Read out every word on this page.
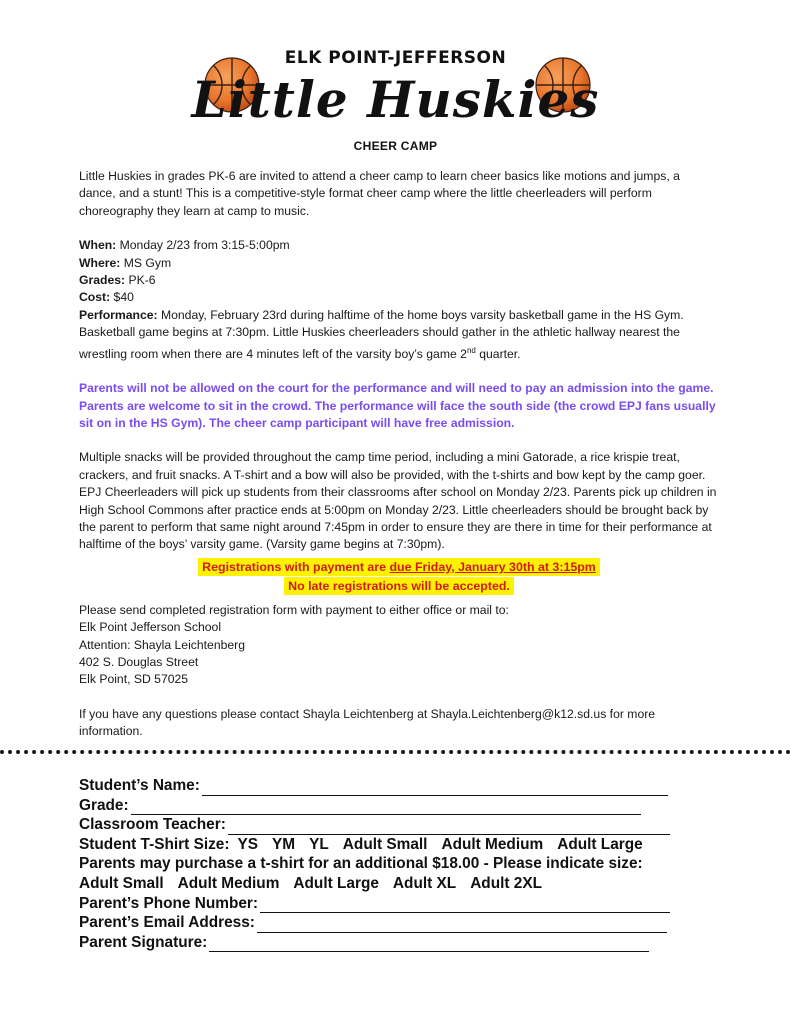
ELK POINT-JEFFERSON
Little Huskies
CHEER CAMP

Little Huskies in grades PK-6 are invited to attend a cheer camp to learn cheer basics like motions and jumps, a dance, and a stunt! This is a competitive-style format cheer camp where the little cheerleaders will perform choreography they learn at camp to music.

When: Monday 2/23 from 3:15-5:00pm

Where: MS Gym

Grades: PK-6

Cost: $40

Performance: Monday, February 23rd during halftime of the home boys varsity basketball game in the HS Gym. Basketball game begins at 7:30pm. Little Huskies cheerleaders should gather in the athletic hallway nearest the wrestling room when there are 4 minutes left of the varsity boy’s game 2nd quarter.

Parents will not be allowed on the court for the performance and will need to pay an admission into the game. Parents are welcome to sit in the crowd. The performance will face the south side (the crowd EPJ fans usually sit on in the HS Gym). The cheer camp participant will have free admission.

Multiple snacks will be provided throughout the camp time period, including a mini Gatorade, a rice krispie treat, crackers, and fruit snacks. A T-shirt and a bow will also be provided, with the t-shirts and bow kept by the camp goer. EPJ Cheerleaders will pick up students from their classrooms after school on Monday 2/23. Parents pick up children in High School Commons after practice ends at 5:00pm on Monday 2/23. Little cheerleaders should be brought back by the parent to perform that same night around 7:45pm in order to ensure they are there in time for their performance at halftime of the boys’ varsity game. (Varsity game begins at 7:30pm).

Registrations with payment are due Friday, January 30th at 3:15pm
No late registrations will be accepted.

Please send completed registration form with payment to either office or mail to:

Elk Point Jefferson School

Attention: Shayla Leichtenberg

402 S. Douglas Street

Elk Point, SD 57025

If you have any questions please contact Shayla Leichtenberg at Shayla.Leichtenberg@k12.sd.us for more information.

Student’s Name:
Grade:
Classroom Teacher:
Student T-Shirt Size: YS YM YL Adult Small Adult Medium Adult Large
Parents may purchase a t-shirt for an additional $18.00 - Please indicate size:
Adult Small Adult Medium Adult Large Adult XL Adult 2XL
Parent’s Phone Number:
Parent’s Email Address:
Parent Signature:
